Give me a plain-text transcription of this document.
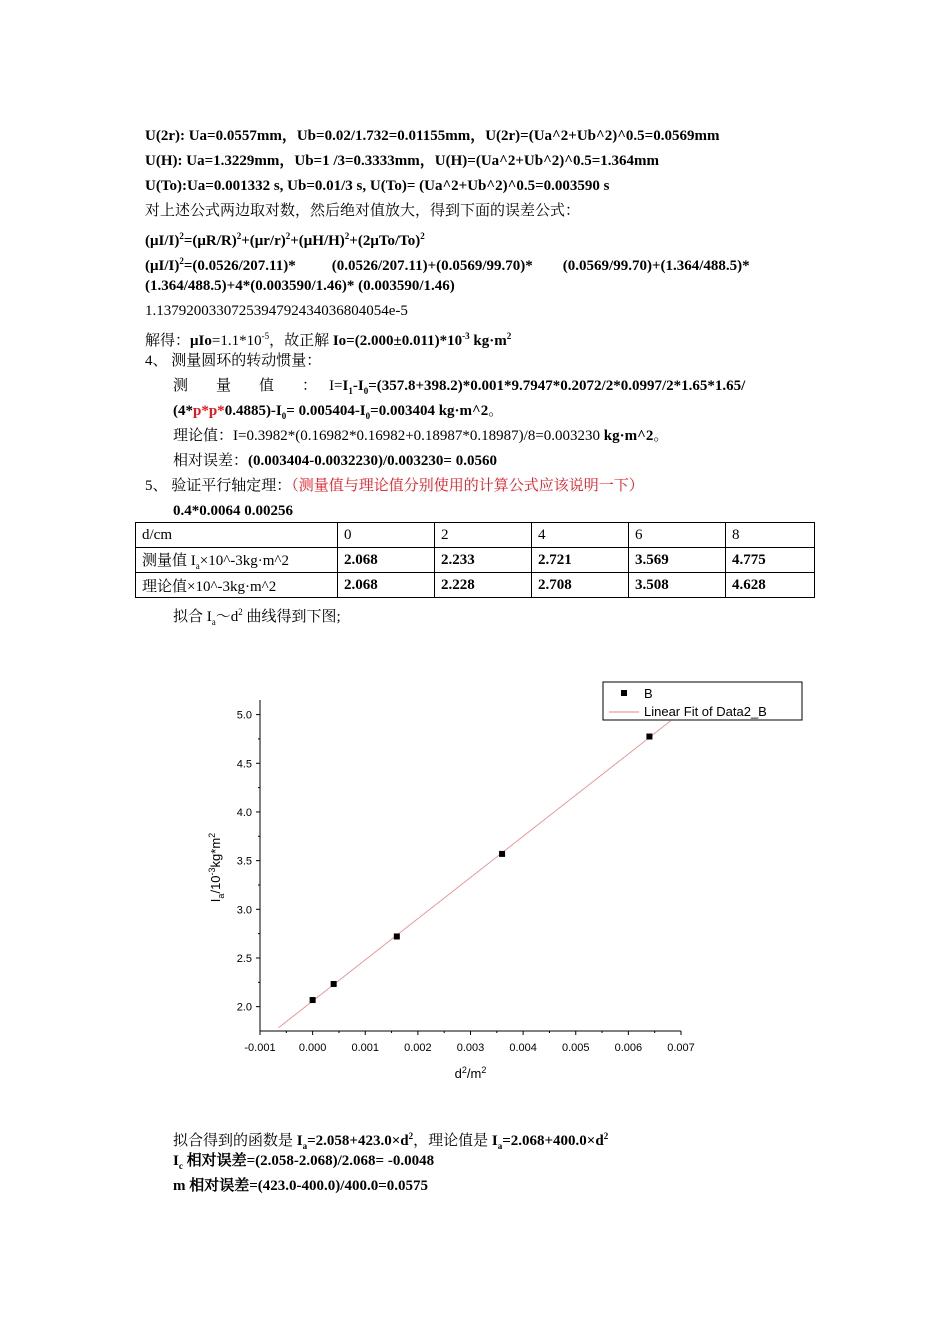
U(2r): Ua=0.0557mm，Ub=0.02/1.732=0.01155mm，U(2r)=(Ua^2+Ub^2)^0.5=0.0569mm
U(H): Ua=1.3229mm，Ub=1 /3=0.3333mm，U(H)=(Ua^2+Ub^2)^0.5=1.364mm
U(To):Ua=0.001332 s, Ub=0.01/3 s, U(To)= (Ua^2+Ub^2)^0.5=0.003590 s
对上述公式两边取对数，然后绝对值放大，得到下面的误差公式：
$(\mu I/I)^2=(\mu R/R)^2+(\mu r/r)^2+(\mu H/H)^2+(2\mu To/To)^2$
$(\mu I/I)^2=(0.0526/207.11)*$ (0.0526/207.11)+(0.0569/99.70)* (0.0569/99.70)+(1.364/488.5)*
(1.364/488.5)+4*(0.003590/1.46)* (0.003590/1.46)
1.1379200330725394792434036804054e-5
解得：$\mu Io=1.1*10^{-5}$，故正解 $Io=(2.000\pm 0.011)*10^{-3}$ $kg\cdot m^2$
4、 测量圆环的转动惯量：
测 量 值 ： $I=I_1-I_0=(357.8+398.2)*0.001*9.7947*0.2072/2*0.0997/2*1.65*1.65/$
$(4*p*p*0.4885)-I_0= 0.005404-I_0=0.003404$ kg·m^2。
理论值：I=0.3982*(0.16982*0.16982+0.18987*0.18987)/8=0.003230 kg·m^2。
相对误差：(0.003404-0.0032230)/0.003230= 0.0560
5、 验证平行轴定理：（测量值与理论值分别使用的计算公式应该说明一下）
0.4*0.0064 0.00256
d/cm	0	2	4	6	8
测量值 $I_a\times 10\^{}-3kg\cdot m\^{}2$	2.068	2.233	2.721	3.569	4.775
理论值×10^-3kg·m^2	2.068	2.228	2.708	3.508	4.628
拟合 $I_a\sim d^2$ 曲线得到下图;
-0.001 0.000 0.001 0.002 0.003 0.004 0.005 0.006 0.007
2.0
2.5
3.0
3.5
4.0
4.5
5.0
$d^2/m^2$
$I_a/10^{-3}kg*m^2$
B
Linear Fit of Data2_B
拟合得到的函数是 $I_a=2.058+423.0\times d^2$，理论值是 $I_a=2.068+400.0\times d^2$
$I_c$ 相对误差=(2.058-2.068)/2.068= -0.0048
m 相对误差=(423.0-400.0)/400.0=0.0575
